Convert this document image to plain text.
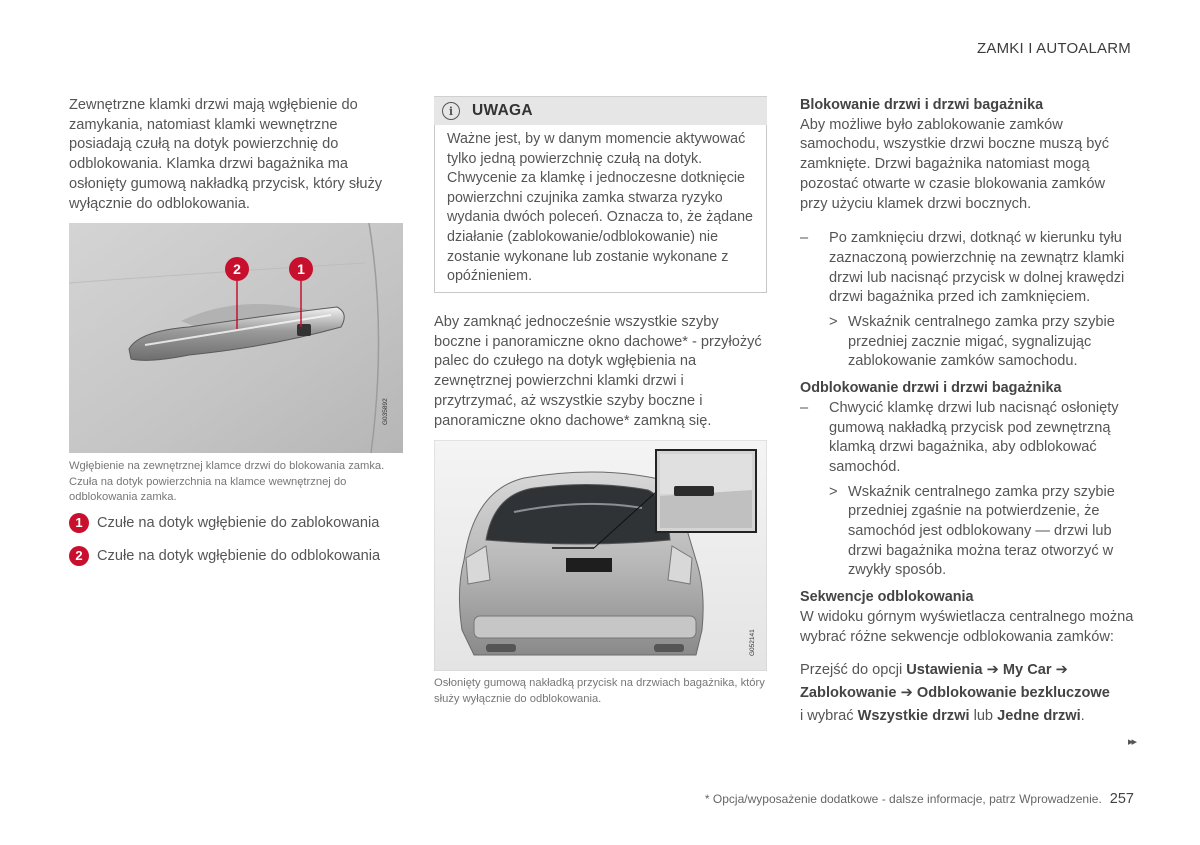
ZAMKI I AUTOALARM

Zewnętrzne klamki drzwi mają wgłębienie do zamykania, natomiast klamki wewnętrzne posiadają czułą na dotyk powierzchnię do odblokowania. Klamka drzwi bagażnika ma osłonięty gumową nakładką przycisk, który służy wyłącznie do odblokowania.

2	1
G035892
Wgłębienie na zewnętrznej klamce drzwi do blokowania zamka. Czuła na dotyk powierzchnia na klamce wewnętrznej do odblokowania zamka.
1 Czułe na dotyk wgłębienie do zablokowania
2 Czułe na dotyk wgłębienie do odblokowania
i	UWAGA
Ważne jest, by w danym momencie aktywować tylko jedną powierzchnię czułą na dotyk. Chwycenie za klamkę i jednoczesne dotknięcie powierzchni czujnika zamka stwarza ryzyko wydania dwóch poleceń. Oznacza to, że żądane działanie (zablokowanie/odblokowanie) nie zostanie wykonane lub zostanie wykonane z opóźnieniem.
Aby zamknąć jednocześnie wszystkie szyby boczne i panoramiczne okno dachowe* - przyłożyć palec do czułego na dotyk wgłębienia na zewnętrznej powierzchni klamki drzwi i przytrzymać, aż wszystkie szyby boczne i panoramiczne okno dachowe* zamkną się.
G052141
Osłonięty gumową nakładką przycisk na drzwiach bagażnika, który służy wyłącznie do odblokowania.

Blokowanie drzwi i drzwi bagażnika

Aby możliwe było zablokowanie zamków samochodu, wszystkie drzwi boczne muszą być zamknięte. Drzwi bagażnika natomiast mogą pozostać otwarte w czasie blokowania zamków przy użyciu klamek drzwi bocznych.

– Po zamknięciu drzwi, dotknąć w kierunku tyłu zaznaczoną powierzchnię na zewnątrz klamki drzwi lub nacisnąć przycisk w dolnej krawędzi drzwi bagażnika przed ich zamknięciem.

> Wskaźnik centralnego zamka przy szybie przedniej zacznie migać, sygnalizując zablokowanie zamków samochodu.

Odblokowanie drzwi i drzwi bagażnika

– Chwycić klamkę drzwi lub nacisnąć osłonięty gumową nakładką przycisk pod zewnętrzną klamką drzwi bagażnika, aby odblokować samochód.

> Wskaźnik centralnego zamka przy szybie przedniej zgaśnie na potwierdzenie, że samochód jest odblokowany — drzwi lub drzwi bagażnika można teraz otworzyć w zwykły sposób.

Sekwencje odblokowania

W widoku górnym wyświetlacza centralnego można wybrać różne sekwencje odblokowania zamków:

Przejść do opcji Ustawienia ➔ My Car ➔
Zablokowanie ➔ Odblokowanie bezkluczowe
i wybrać Wszystkie drzwi lub Jedne drzwi.

▸▸
* Opcja/wyposażenie dodatkowe - dalsze informacje, patrz Wprowadzenie. 257
